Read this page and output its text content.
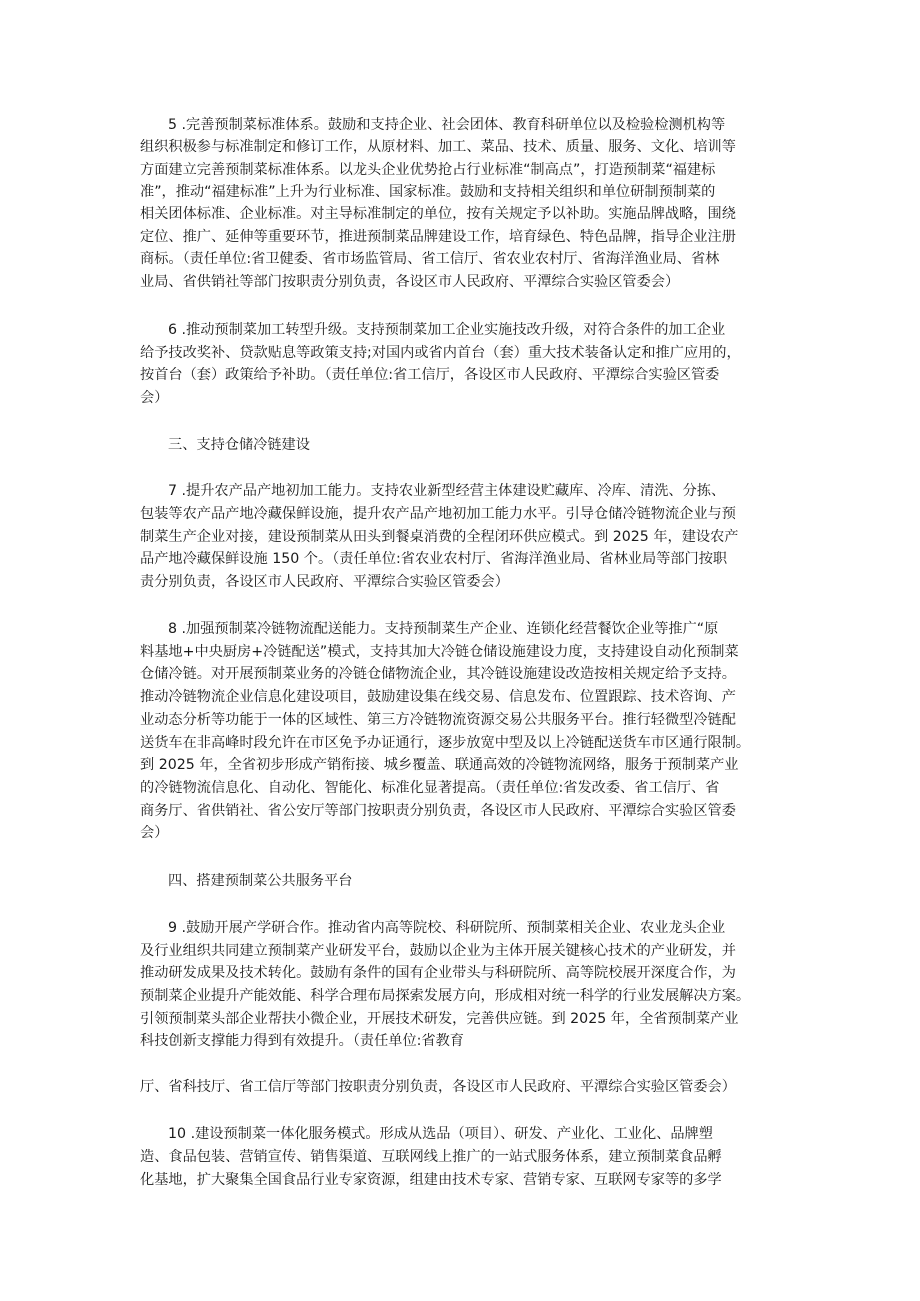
5 .完善预制菜标准体系。鼓励和支持企业、社会团体、教育科研单位以及检验检测机构等
组织积极参与标准制定和修订工作，从原材料、加工、菜品、技术、质量、服务、文化、培训等
方面建立完善预制菜标准体系。以龙头企业优势抢占行业标准“制高点”，打造预制菜“福建标
准”，推动“福建标准”上升为行业标准、国家标准。鼓励和支持相关组织和单位研制预制菜的
相关团体标准、企业标准。对主导标准制定的单位，按有关规定予以补助。实施品牌战略，围绕
定位、推广、延伸等重要环节，推进预制菜品牌建设工作，培育绿色、特色品牌，指导企业注册
商标。（责任单位:省卫健委、省市场监管局、省工信厅、省农业农村厅、省海洋渔业局、省林
业局、省供销社等部门按职责分别负责，各设区市人民政府、平潭综合实验区管委会）
6 .推动预制菜加工转型升级。支持预制菜加工企业实施技改升级，对符合条件的加工企业
给予技改奖补、贷款贴息等政策支持;对国内或省内首台（套）重大技术装备认定和推广应用的，
按首台（套）政策给予补助。（责任单位:省工信厅，各设区市人民政府、平潭综合实验区管委
会）
三、支持仓储冷链建设
7 .提升农产品产地初加工能力。支持农业新型经营主体建设贮藏库、冷库、清洗、分拣、
包装等农产品产地冷藏保鲜设施，提升农产品产地初加工能力水平。引导仓储冷链物流企业与预
制菜生产企业对接，建设预制菜从田头到餐桌消费的全程闭环供应模式。到 2025 年，建设农产
品产地冷藏保鲜设施 150 个。（责任单位:省农业农村厅、省海洋渔业局、省林业局等部门按职
责分别负责，各设区市人民政府、平潭综合实验区管委会）
8 .加强预制菜冷链物流配送能力。支持预制菜生产企业、连锁化经营餐饮企业等推广“原
料基地+中央厨房+冷链配送”模式，支持其加大冷链仓储设施建设力度，支持建设自动化预制菜
仓储冷链。对开展预制菜业务的冷链仓储物流企业，其冷链设施建设改造按相关规定给予支持。
推动冷链物流企业信息化建设项目，鼓励建设集在线交易、信息发布、位置跟踪、技术咨询、产
业动态分析等功能于一体的区域性、第三方冷链物流资源交易公共服务平台。推行轻微型冷链配
送货车在非高峰时段允许在市区免予办证通行，逐步放宽中型及以上冷链配送货车市区通行限制。
到 2025 年，全省初步形成产销衔接、城乡覆盖、联通高效的冷链物流网络，服务于预制菜产业
的冷链物流信息化、自动化、智能化、标准化显著提高。（责任单位:省发改委、省工信厅、省
商务厅、省供销社、省公安厅等部门按职责分别负责，各设区市人民政府、平潭综合实验区管委
会）
四、搭建预制菜公共服务平台
9 .鼓励开展产学研合作。推动省内高等院校、科研院所、预制菜相关企业、农业龙头企业
及行业组织共同建立预制菜产业研发平台，鼓励以企业为主体开展关键核心技术的产业研发，并
推动研发成果及技术转化。鼓励有条件的国有企业带头与科研院所、高等院校展开深度合作，为
预制菜企业提升产能效能、科学合理布局探索发展方向，形成相对统一科学的行业发展解决方案。
引领预制菜头部企业帮扶小微企业，开展技术研发，完善供应链。到 2025 年，全省预制菜产业
科技创新支撑能力得到有效提升。（责任单位:省教育
厅、省科技厅、省工信厅等部门按职责分别负责，各设区市人民政府、平潭综合实验区管委会）
10 .建设预制菜一体化服务模式。形成从选品（项目）、研发、产业化、工业化、品牌塑
造、食品包装、营销宣传、销售渠道、互联网线上推广的一站式服务体系，建立预制菜食品孵
化基地，扩大聚集全国食品行业专家资源，组建由技术专家、营销专家、互联网专家等的多学
